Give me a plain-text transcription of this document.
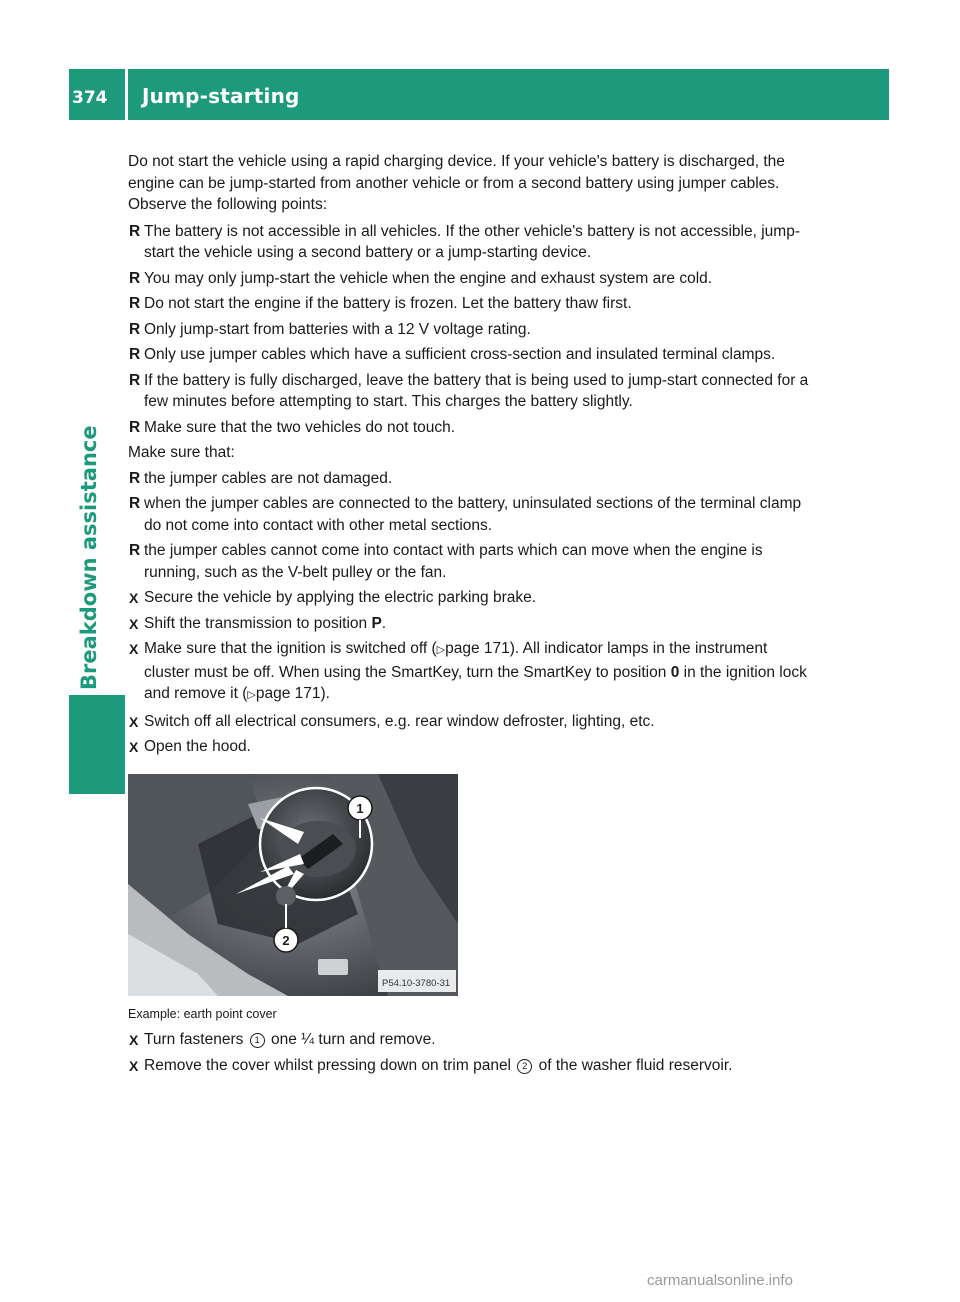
374 Jump-starting
Breakdown assistance

Do not start the vehicle using a rapid charging device. If your vehicle's battery is discharged, the engine can be jump-started from another vehicle or from a second battery using jumper cables. Observe the following points:

R The battery is not accessible in all vehicles. If the other vehicle's battery is not accessible, jump-start the vehicle using a second battery or a jump-starting device.

R You may only jump-start the vehicle when the engine and exhaust system are cold.

R Do not start the engine if the battery is frozen. Let the battery thaw first.

R Only jump-start from batteries with a 12 V voltage rating.

R Only use jumper cables which have a sufficient cross-section and insulated terminal clamps.

R If the battery is fully discharged, leave the battery that is being used to jump-start connected for a few minutes before attempting to start. This charges the battery slightly.

R Make sure that the two vehicles do not touch.

Make sure that:

R the jumper cables are not damaged.

R when the jumper cables are connected to the battery, uninsulated sections of the terminal clamp do not come into contact with other metal sections.

R the jumper cables cannot come into contact with parts which can move when the engine is running, such as the V-belt pulley or the fan.

X Secure the vehicle by applying the electric parking brake.

X Shift the transmission to position P.

X Make sure that the ignition is switched off (▷page 171). All indicator lamps in the instrument cluster must be off. When using the SmartKey, turn the SmartKey to position 0 in the ignition lock and remove it (▷page 171).

X Switch off all electrical consumers, e.g. rear window defroster, lighting, etc.

X Open the hood.

P54.10-3780-31
1
2

Example: earth point cover

X Turn fasteners 1 one ¼ turn and remove.

X Remove the cover whilst pressing down on trim panel 2 of the washer fluid reservoir.

carmanualsonline.info
